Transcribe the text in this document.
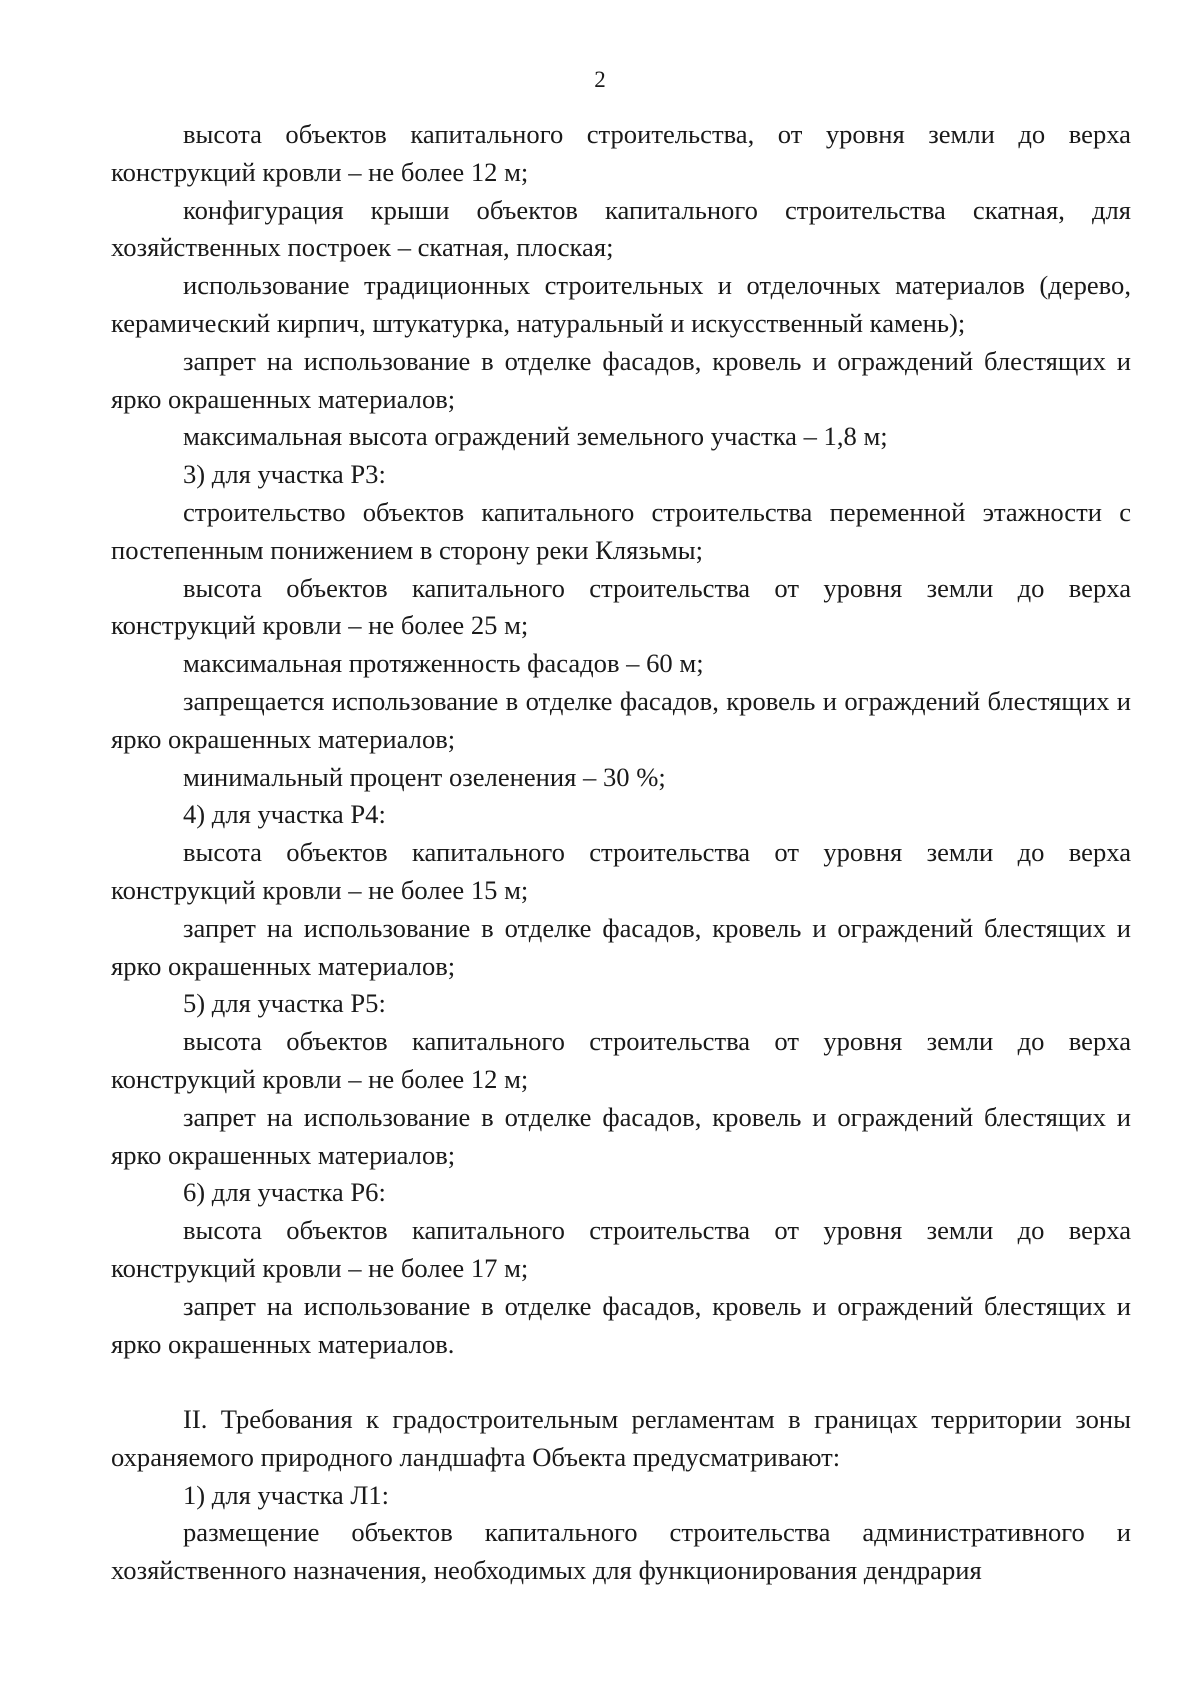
2

высота объектов капитального строительства, от уровня земли до верха конструкций кровли – не более 12 м;

конфигурация крыши объектов капитального строительства скатная, для хозяйственных построек – скатная, плоская;

использование традиционных строительных и отделочных материалов (дерево, керамический кирпич, штукатурка, натуральный и искусственный камень);

запрет на использование в отделке фасадов, кровель и ограждений блестящих и ярко окрашенных материалов;

максимальная высота ограждений земельного участка – 1,8 м;

3) для участка Р3:

строительство объектов капитального строительства переменной этажности с постепенным понижением в сторону реки Клязьмы;

высота объектов капитального строительства от уровня земли до верха конструкций кровли – не более 25 м;

максимальная протяженность фасадов – 60 м;

запрещается использование в отделке фасадов, кровель и ограждений блестящих и ярко окрашенных материалов;

минимальный процент озеленения – 30 %;

4) для участка Р4:

высота объектов капитального строительства от уровня земли до верха конструкций кровли – не более 15 м;

запрет на использование в отделке фасадов, кровель и ограждений блестящих и ярко окрашенных материалов;

5) для участка Р5:

высота объектов капитального строительства от уровня земли до верха конструкций кровли – не более 12 м;

запрет на использование в отделке фасадов, кровель и ограждений блестящих и ярко окрашенных материалов;

6) для участка Р6:

высота объектов капитального строительства от уровня земли до верха конструкций кровли – не более 17 м;

запрет на использование в отделке фасадов, кровель и ограждений блестящих и ярко окрашенных материалов.

II. Требования к градостроительным регламентам в границах территории зоны охраняемого природного ландшафта Объекта предусматривают:

1) для участка Л1:

размещение объектов капитального строительства административного и хозяйственного назначения, необходимых для функционирования дендрария
